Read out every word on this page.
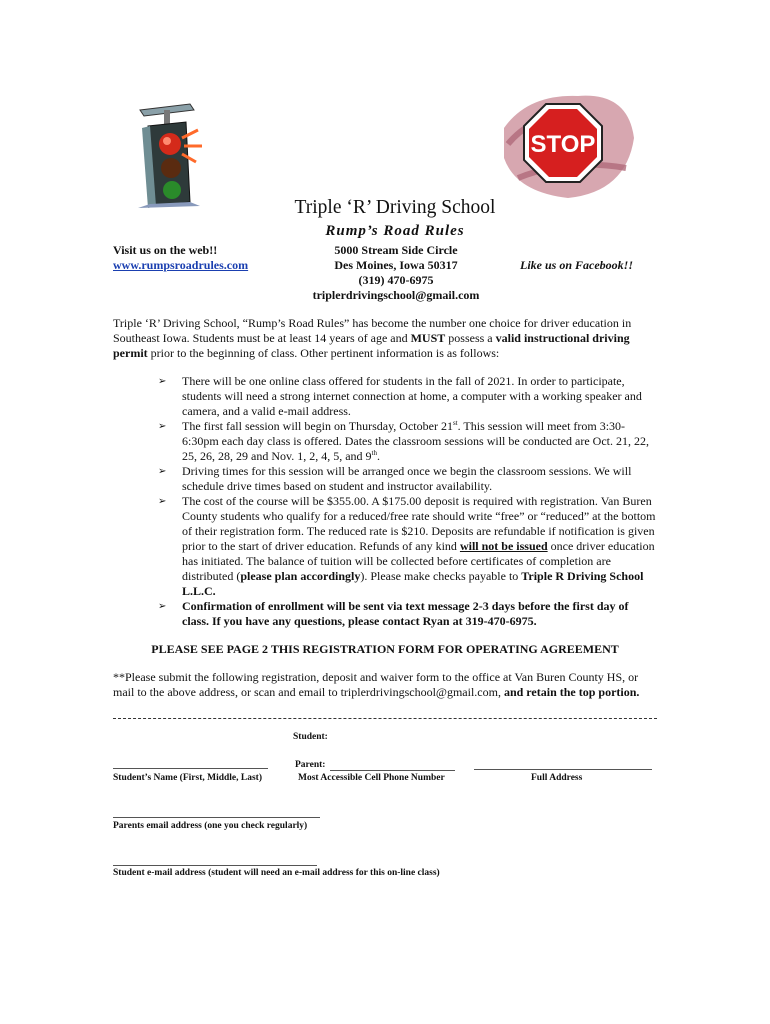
STOP
Triple ‘R’ Driving School
Rump’s Road Rules
Visit us on the web!!
www.rumpsroadrules.com
5000 Stream Side Circle
Des Moines, Iowa 50317
(319) 470-6975
triplerdrivingschool@gmail.com
Like us on Facebook!!
Triple ‘R’ Driving School, “Rump’s Road Rules” has become the number one choice for driver education in Southeast Iowa. Students must be at least 14 years of age and MUST possess a valid instructional driving permit prior to the beginning of class. Other pertinent information is as follows:
➢ There will be one online class offered for students in the fall of 2021. In order to participate, students will need a strong internet connection at home, a computer with a working speaker and camera, and a valid e-mail address.
➢ The first fall session will begin on Thursday, October 21st. This session will meet from 3:30-6:30pm each day class is offered. Dates the classroom sessions will be conducted are Oct. 21, 22, 25, 26, 28, 29 and Nov. 1, 2, 4, 5, and 9th.
➢ Driving times for this session will be arranged once we begin the classroom sessions. We will schedule drive times based on student and instructor availability.
➢ The cost of the course will be $355.00. A $175.00 deposit is required with registration. Van Buren County students who qualify for a reduced/free rate should write “free” or “reduced” at the bottom of their registration form. The reduced rate is $210. Deposits are refundable if notification is given prior to the start of driver education. Refunds of any kind will not be issued once driver education has initiated. The balance of tuition will be collected before certificates of completion are distributed (please plan accordingly). Please make checks payable to Triple R Driving School L.L.C.
➢ Confirmation of enrollment will be sent via text message 2-3 days before the first day of class. If you have any questions, please contact Ryan at 319-470-6975.
PLEASE SEE PAGE 2 THIS REGISTRATION FORM FOR OPERATING AGREEMENT
**Please submit the following registration, deposit and waiver form to the office at Van Buren County HS, or mail to the above address, or scan and email to triplerdrivingschool@gmail.com, and retain the top portion.
Student:
Parent:
Student’s Name (First, Middle, Last)	Most Accessible Cell Phone Number	Full Address
Parents email address (one you check regularly)
Student e-mail address (student will need an e-mail address for this on-line class)
